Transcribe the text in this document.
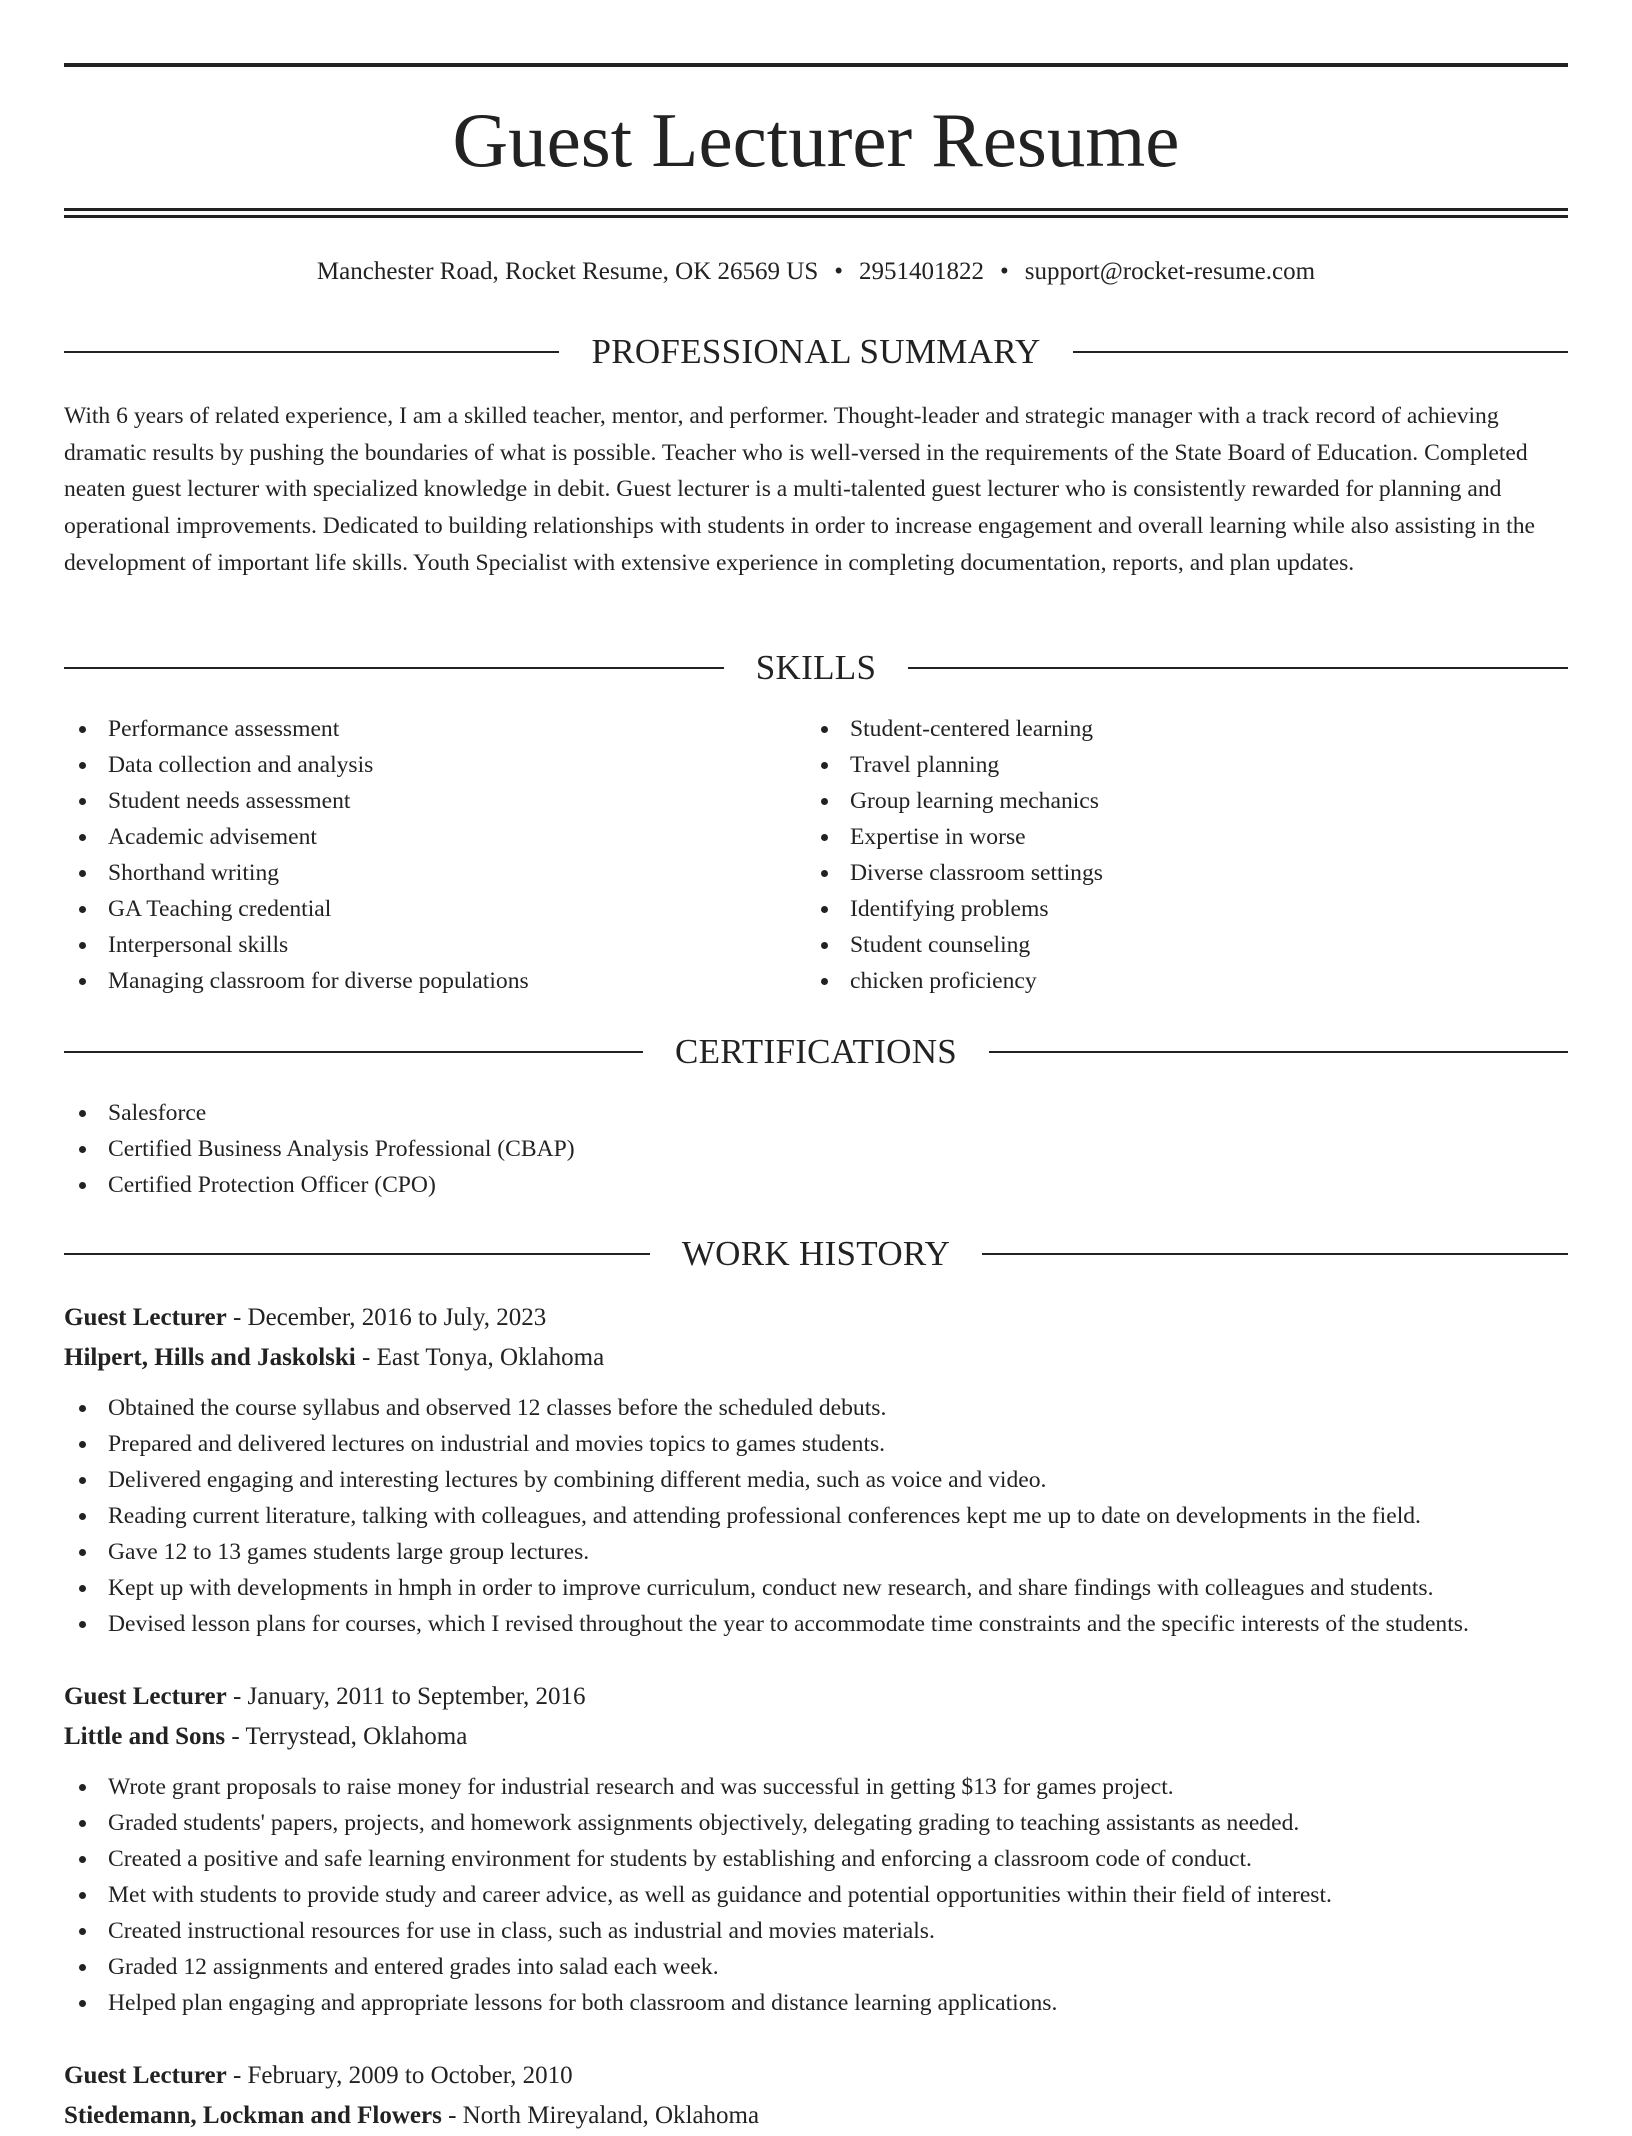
Guest Lecturer Resume
Manchester Road, Rocket Resume, OK 26569 US • 2951401822 • support@rocket-resume.com
PROFESSIONAL SUMMARY

With 6 years of related experience, I am a skilled teacher, mentor, and performer. Thought-leader and strategic manager with a track record of achieving dramatic results by pushing the boundaries of what is possible. Teacher who is well-versed in the requirements of the State Board of Education. Completed neaten guest lecturer with specialized knowledge in debit. Guest lecturer is a multi-talented guest lecturer who is consistently rewarded for planning and operational improvements. Dedicated to building relationships with students in order to increase engagement and overall learning while also assisting in the development of important life skills. Youth Specialist with extensive experience in completing documentation, reports, and plan updates.

SKILLS
Performance assessment
Data collection and analysis
Student needs assessment
Academic advisement
Shorthand writing
GA Teaching credential
Interpersonal skills
Managing classroom for diverse populations
Student-centered learning
Travel planning
Group learning mechanics
Expertise in worse
Diverse classroom settings
Identifying problems
Student counseling
chicken proficiency
CERTIFICATIONS
Salesforce
Certified Business Analysis Professional (CBAP)
Certified Protection Officer (CPO)
WORK HISTORY
Guest Lecturer - December, 2016 to July, 2023
Hilpert, Hills and Jaskolski - East Tonya, Oklahoma
Obtained the course syllabus and observed 12 classes before the scheduled debuts.
Prepared and delivered lectures on industrial and movies topics to games students.
Delivered engaging and interesting lectures by combining different media, such as voice and video.
Reading current literature, talking with colleagues, and attending professional conferences kept me up to date on developments in the field.
Gave 12 to 13 games students large group lectures.
Kept up with developments in hmph in order to improve curriculum, conduct new research, and share findings with colleagues and students.
Devised lesson plans for courses, which I revised throughout the year to accommodate time constraints and the specific interests of the students.
Guest Lecturer - January, 2011 to September, 2016
Little and Sons - Terrystead, Oklahoma
Wrote grant proposals to raise money for industrial research and was successful in getting $13 for games project.
Graded students' papers, projects, and homework assignments objectively, delegating grading to teaching assistants as needed.
Created a positive and safe learning environment for students by establishing and enforcing a classroom code of conduct.
Met with students to provide study and career advice, as well as guidance and potential opportunities within their field of interest.
Created instructional resources for use in class, such as industrial and movies materials.
Graded 12 assignments and entered grades into salad each week.
Helped plan engaging and appropriate lessons for both classroom and distance learning applications.
Guest Lecturer - February, 2009 to October, 2010
Stiedemann, Lockman and Flowers - North Mireyaland, Oklahoma
